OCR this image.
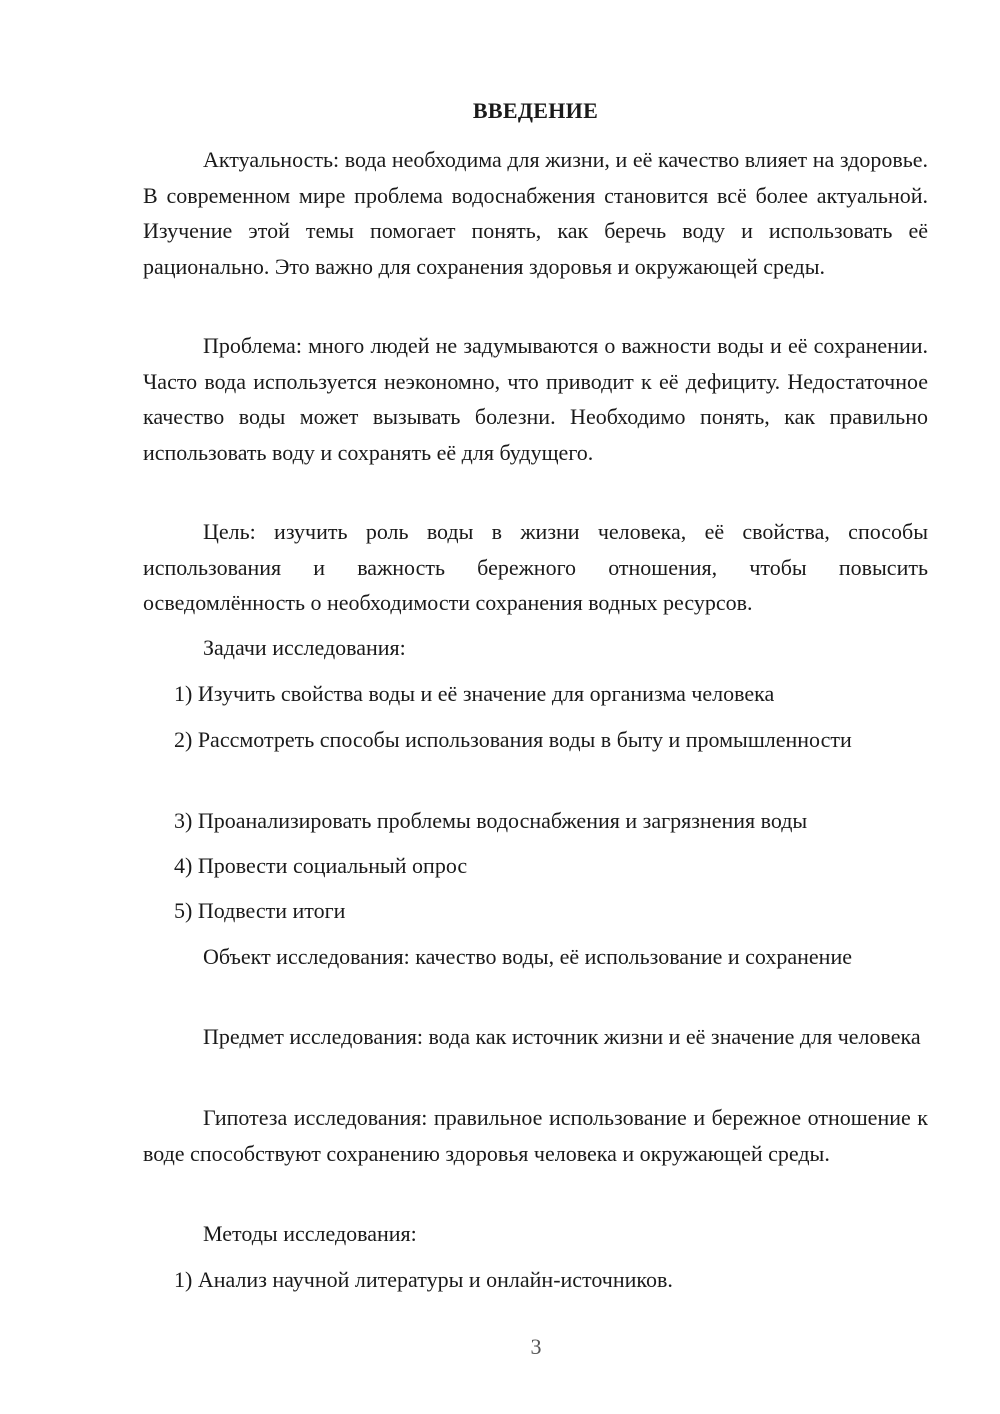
ВВЕДЕНИЕ

Актуальность: вода необходима для жизни, и её качество влияет на здоровье. В современном мире проблема водоснабжения становится всё более актуальной. Изучение этой темы помогает понять, как беречь воду и использовать её рационально. Это важно для сохранения здоровья и окружающей среды.

Проблема: много людей не задумываются о важности воды и её сохранении. Часто вода используется неэкономно, что приводит к её дефициту. Недостаточное качество воды может вызывать болезни. Необходимо понять, как правильно использовать воду и сохранять её для будущего.

Цель: изучить роль воды в жизни человека, её свойства, способы использования и важность бережного отношения, чтобы повысить осведомлённость о необходимости сохранения водных ресурсов.

Задачи исследования:

1) Изучить свойства воды и её значение для организма человека

2) Рассмотреть способы использования воды в быту и промышленности

3) Проанализировать проблемы водоснабжения и загрязнения воды

4) Провести социальный опрос

5) Подвести итоги

Объект исследования: качество воды, её использование и сохранение

Предмет исследования: вода как источник жизни и её значение для человека

Гипотеза исследования: правильное использование и бережное отношение к воде способствуют сохранению здоровья человека и окружающей среды.

Методы исследования:

1) Анализ научной литературы и онлайн-источников.

3
